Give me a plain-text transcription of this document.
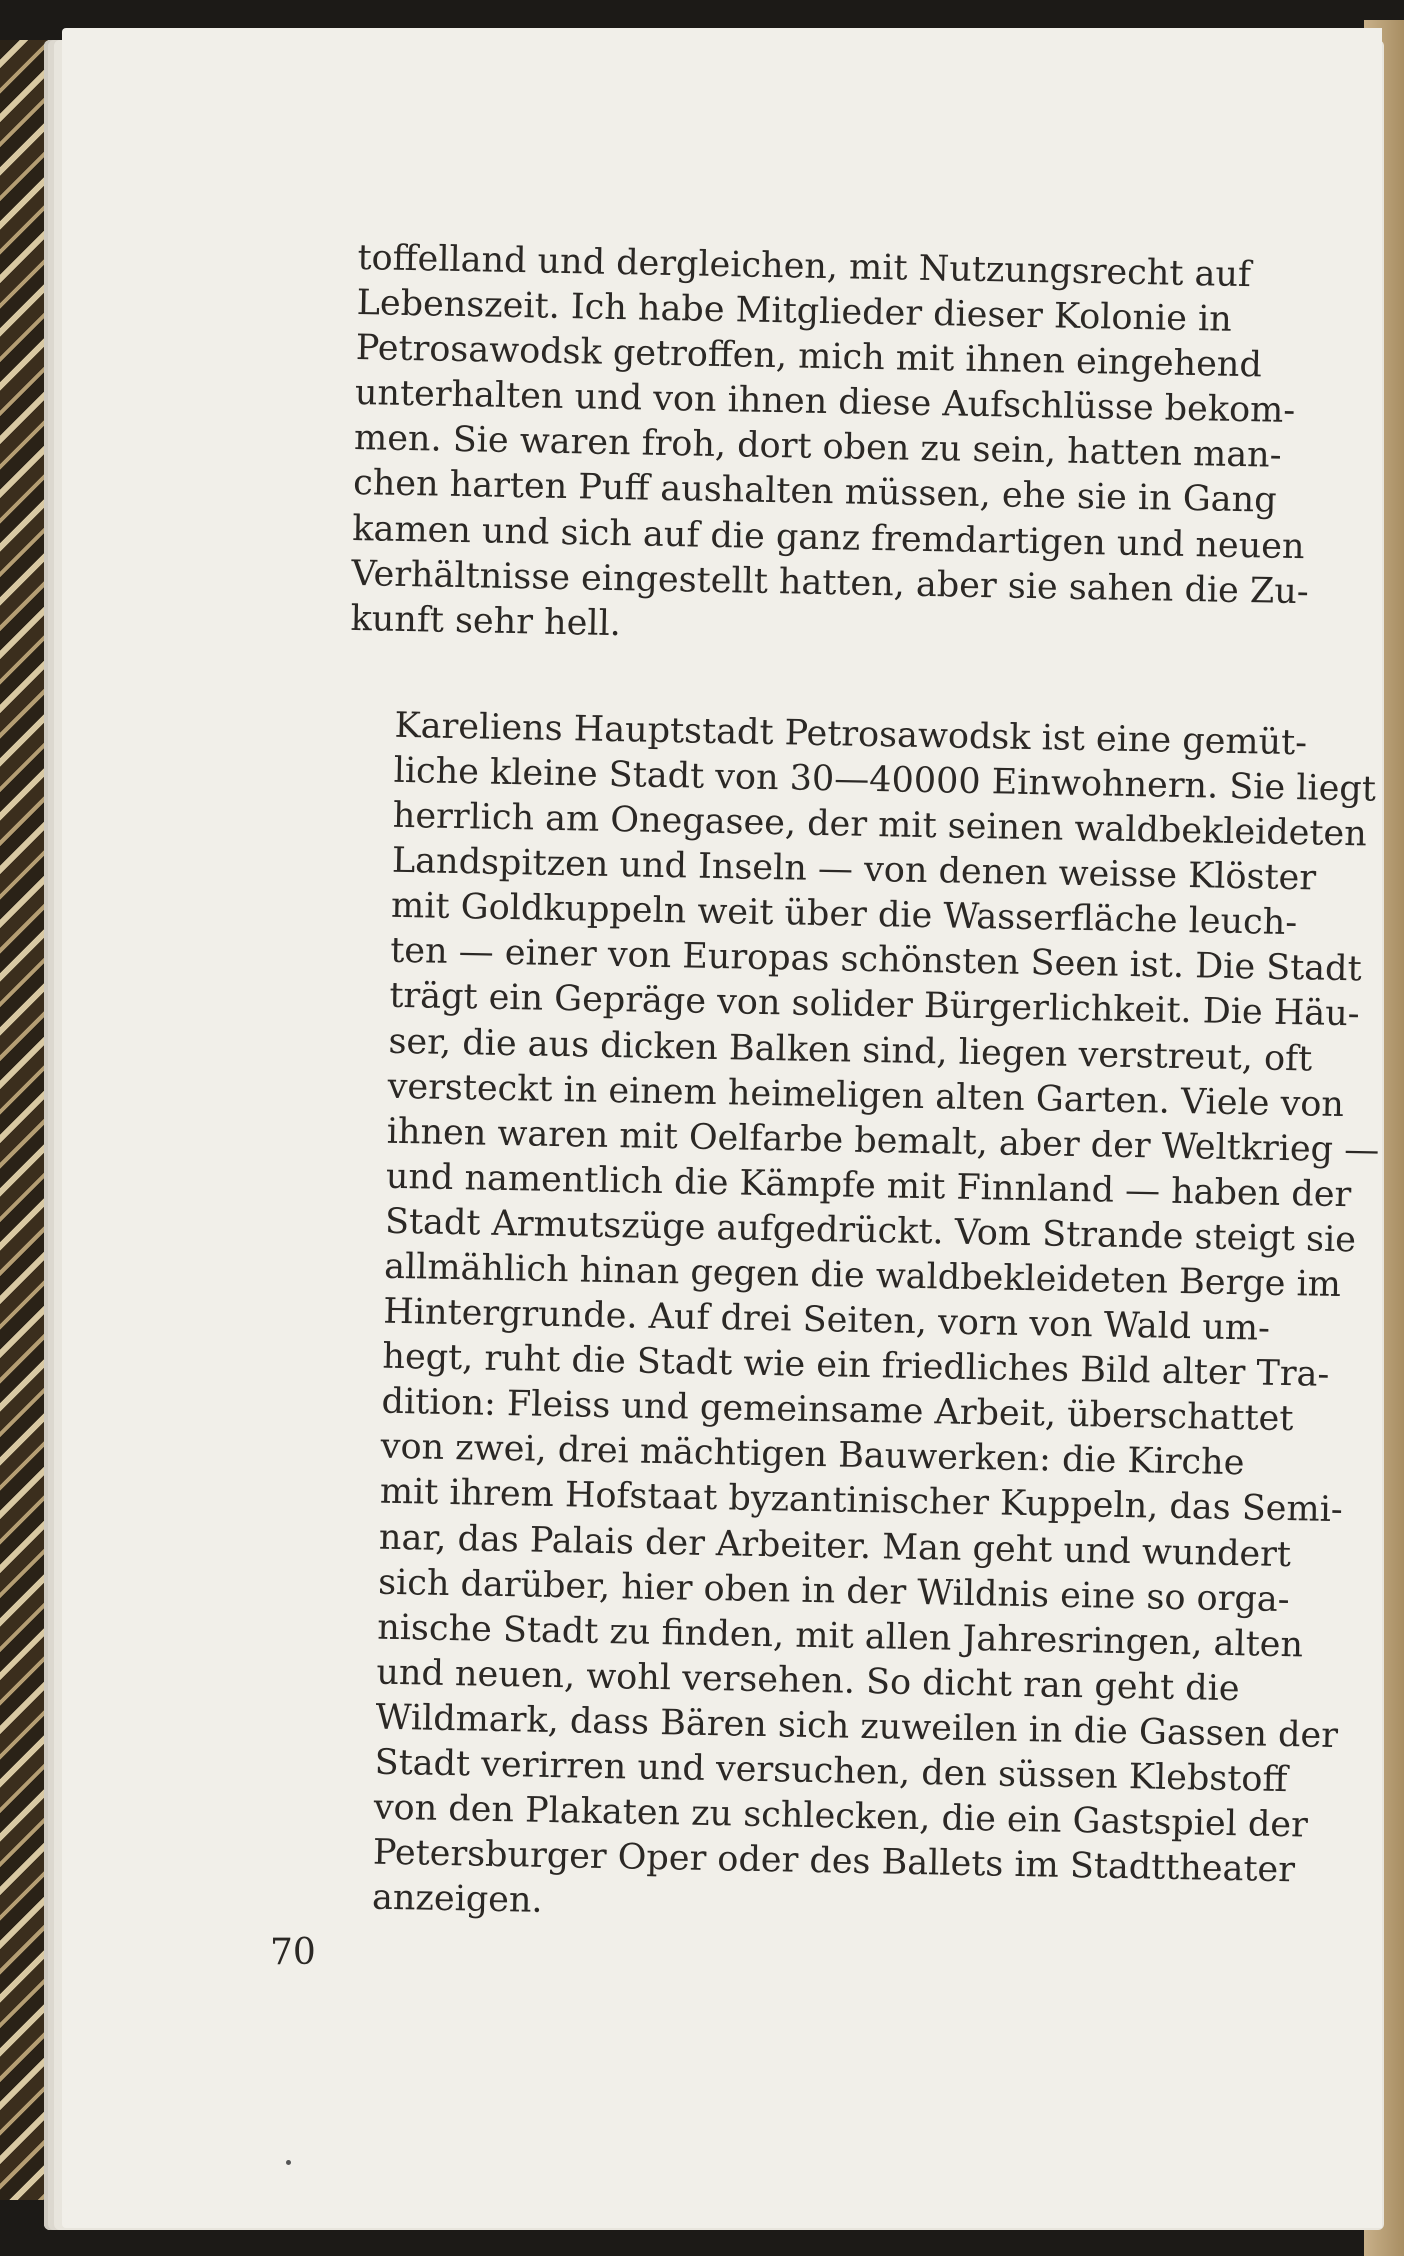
toffelland und dergleichen, mit Nutzungsrecht auf
Lebenszeit. Ich habe Mitglieder dieser Kolonie in
Petrosawodsk getroffen, mich mit ihnen eingehend
unterhalten und von ihnen diese Aufschlüsse bekom-
men. Sie waren froh, dort oben zu sein, hatten man-
chen harten Puff aushalten müssen, ehe sie in Gang
kamen und sich auf die ganz fremdartigen und neuen
Verhältnisse eingestellt hatten, aber sie sahen die Zu-
kunft sehr hell.

Kareliens Hauptstadt Petrosawodsk ist eine gemüt-
liche kleine Stadt von 30—40000 Einwohnern. Sie liegt
herrlich am Onegasee, der mit seinen waldbekleideten
Landspitzen und Inseln — von denen weisse Klöster
mit Goldkuppeln weit über die Wasserfläche leuch-
ten — einer von Europas schönsten Seen ist. Die Stadt
trägt ein Gepräge von solider Bürgerlichkeit. Die Häu-
ser, die aus dicken Balken sind, liegen verstreut, oft
versteckt in einem heimeligen alten Garten. Viele von
ihnen waren mit Oelfarbe bemalt, aber der Weltkrieg —
und namentlich die Kämpfe mit Finnland — haben der
Stadt Armutszüge aufgedrückt. Vom Strande steigt sie
allmählich hinan gegen die waldbekleideten Berge im
Hintergrunde. Auf drei Seiten, vorn von Wald um-
hegt, ruht die Stadt wie ein friedliches Bild alter Tra-
dition: Fleiss und gemeinsame Arbeit, überschattet
von zwei, drei mächtigen Bauwerken: die Kirche
mit ihrem Hofstaat byzantinischer Kuppeln, das Semi-
nar, das Palais der Arbeiter. Man geht und wundert
sich darüber, hier oben in der Wildnis eine so orga-
nische Stadt zu finden, mit allen Jahresringen, alten
und neuen, wohl versehen. So dicht ran geht die
Wildmark, dass Bären sich zuweilen in die Gassen der
Stadt verirren und versuchen, den süssen Klebstoff
von den Plakaten zu schlecken, die ein Gastspiel der
Petersburger Oper oder des Ballets im Stadttheater
anzeigen.

70
